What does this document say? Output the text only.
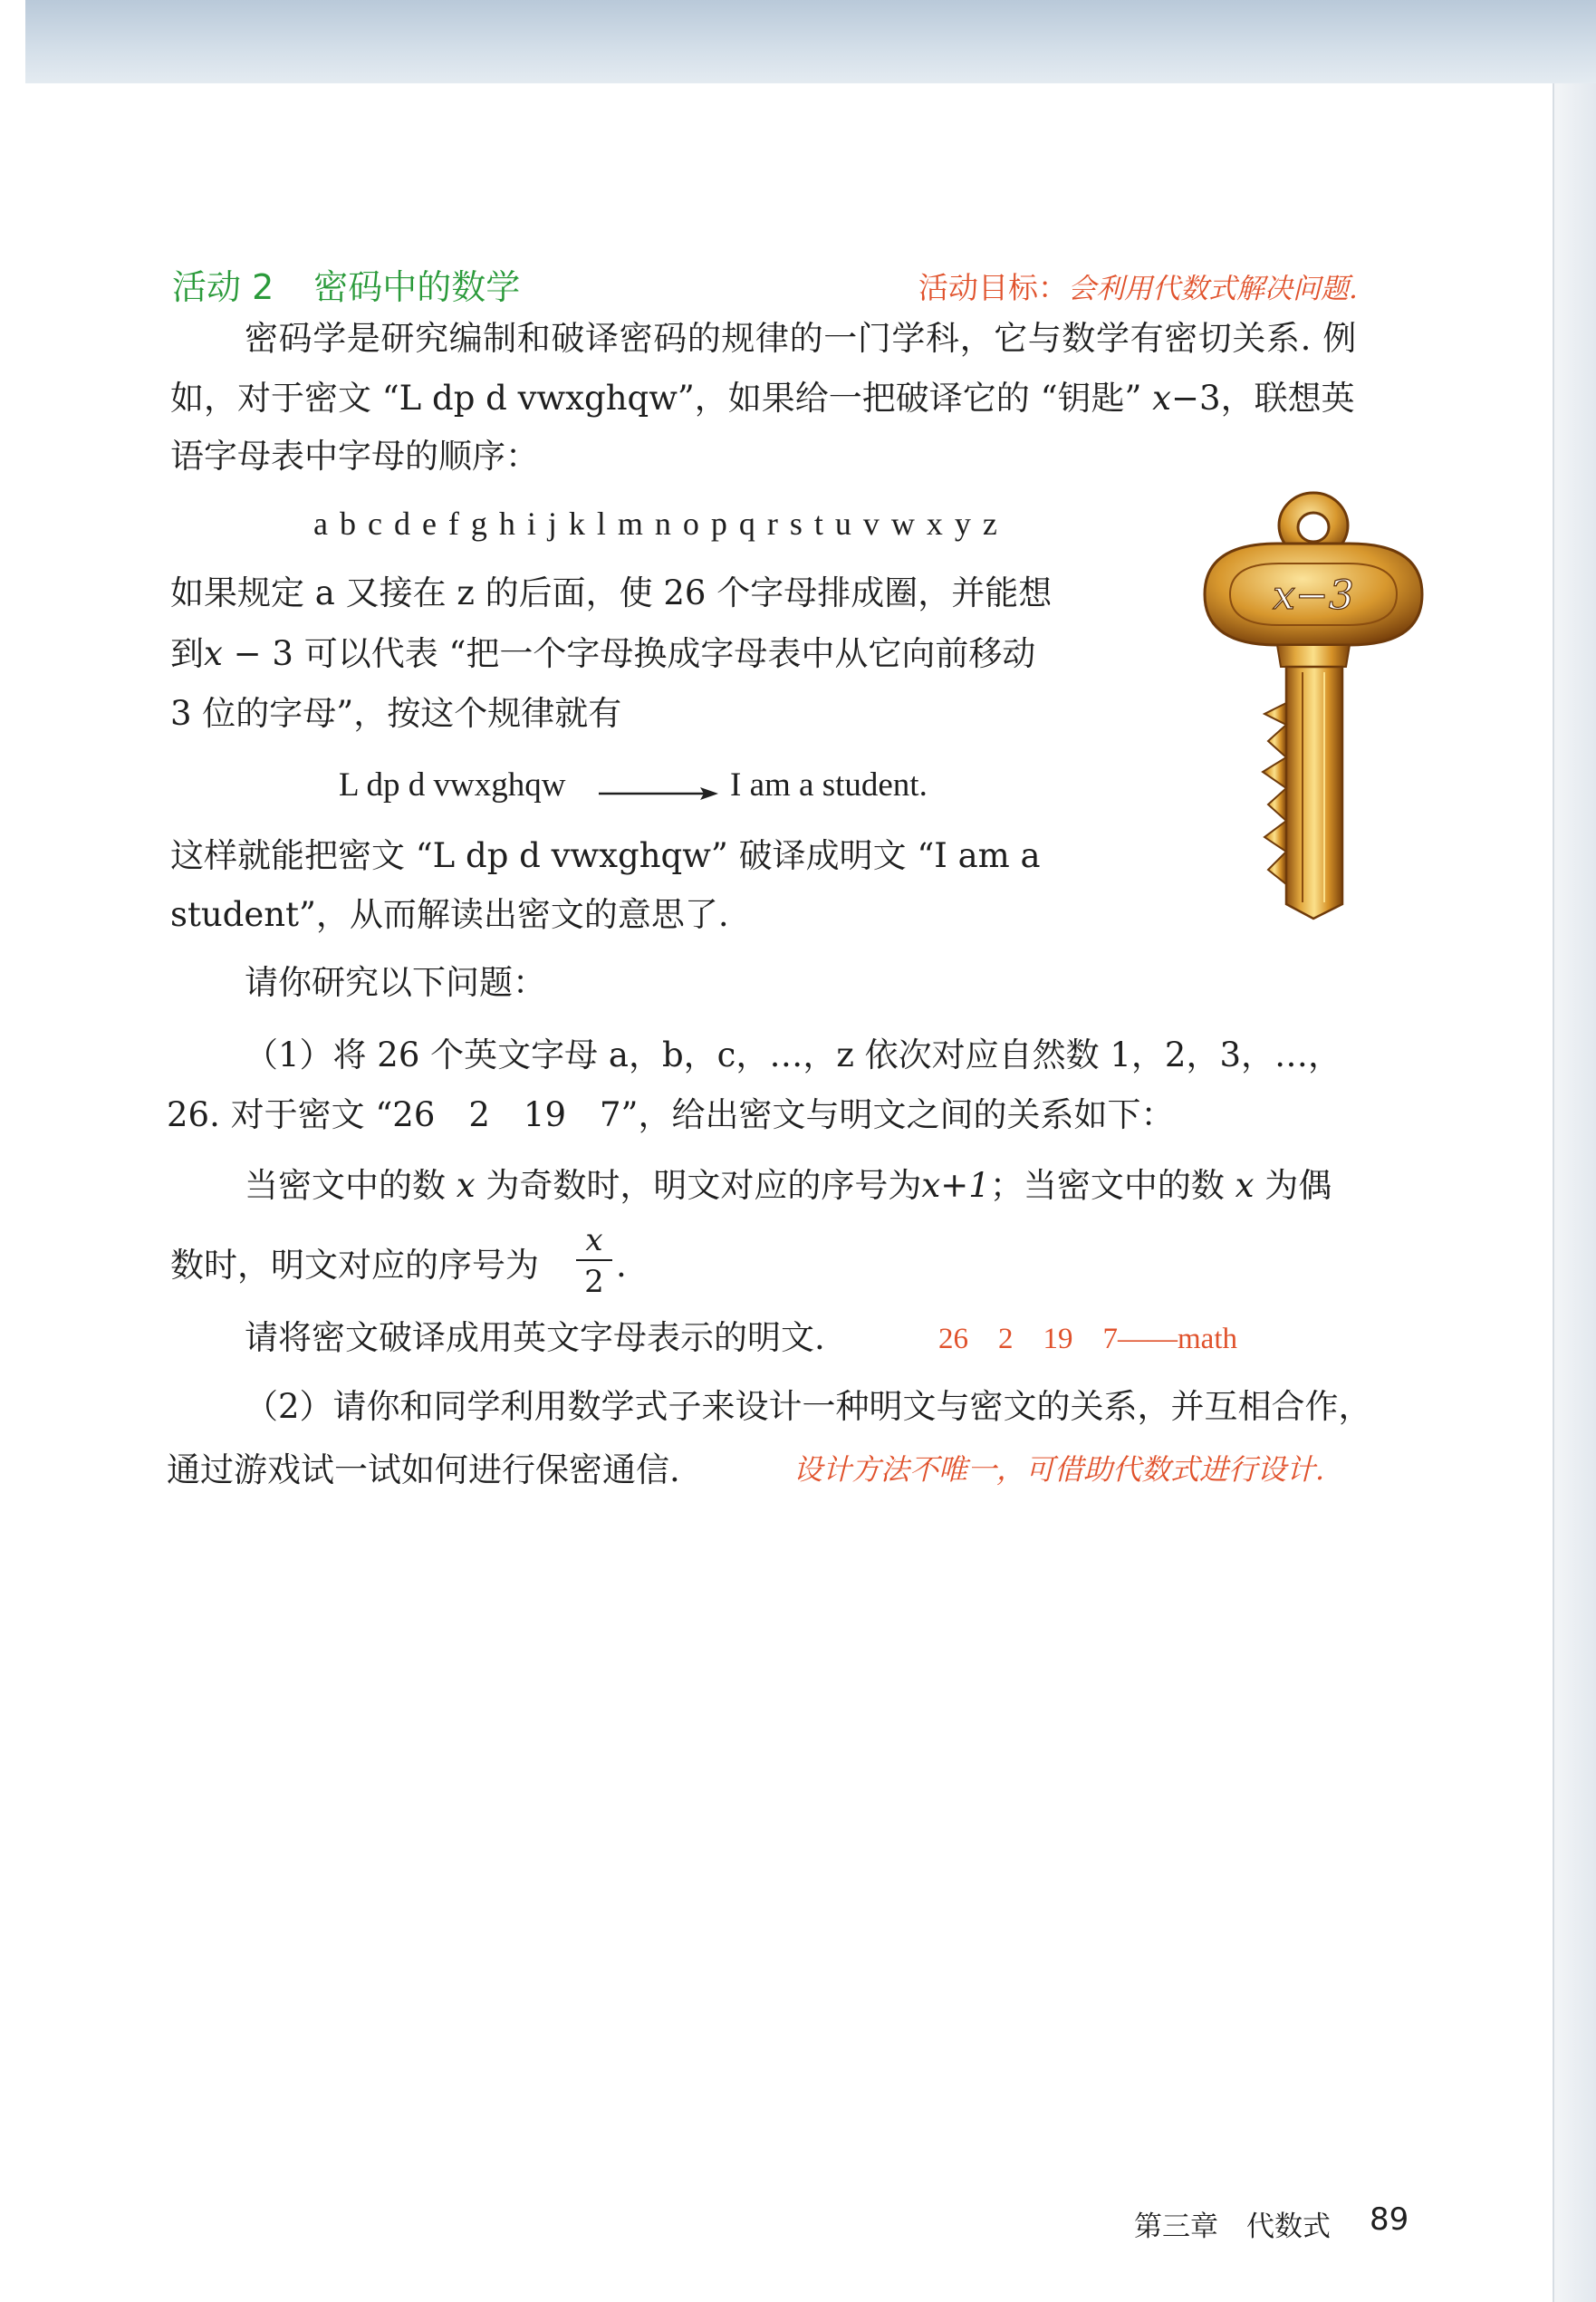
活动 2 密码中的数学	活动目标：会利用代数式解决问题.
密码学是研究编制和破译密码的规律的一门学科，它与数学有密切关系. 例
如，对于密文 “L dp d vwxghqw”，如果给一把破译它的 “钥匙” x−3，联想英
语字母表中字母的顺序：
a b c d e f g h i j k l m n o p q r s t u v w x y z
如果规定 a 又接在 z 的后面，使 26 个字母排成圈，并能想
到x − 3 可以代表 “把一个字母换成字母表中从它向前移动
3 位的字母”，按这个规律就有
L dp d vwxghqw	I am a student.
这样就能把密文 “L dp d vwxghqw” 破译成明文 “I am a
student”，从而解读出密文的意思了.
请你研究以下问题：
（1）将 26 个英文字母 a，b，c，…，z 依次对应自然数 1，2，3，…，
26. 对于密文 “26　2　19　7”，给出密文与明文之间的关系如下：
当密文中的数 x 为奇数时，明文对应的序号为x+1；当密文中的数 x 为偶
数时，明文对应的序号为
x
2 .
请将密文破译成用英文字母表示的明文.	26　2　19　7——math
（2）请你和同学利用数学式子来设计一种明文与密文的关系，并互相合作，
通过游戏试一试如何进行保密通信.	设计方法不唯一，可借助代数式进行设计.
x−3
第三章　代数式 89
